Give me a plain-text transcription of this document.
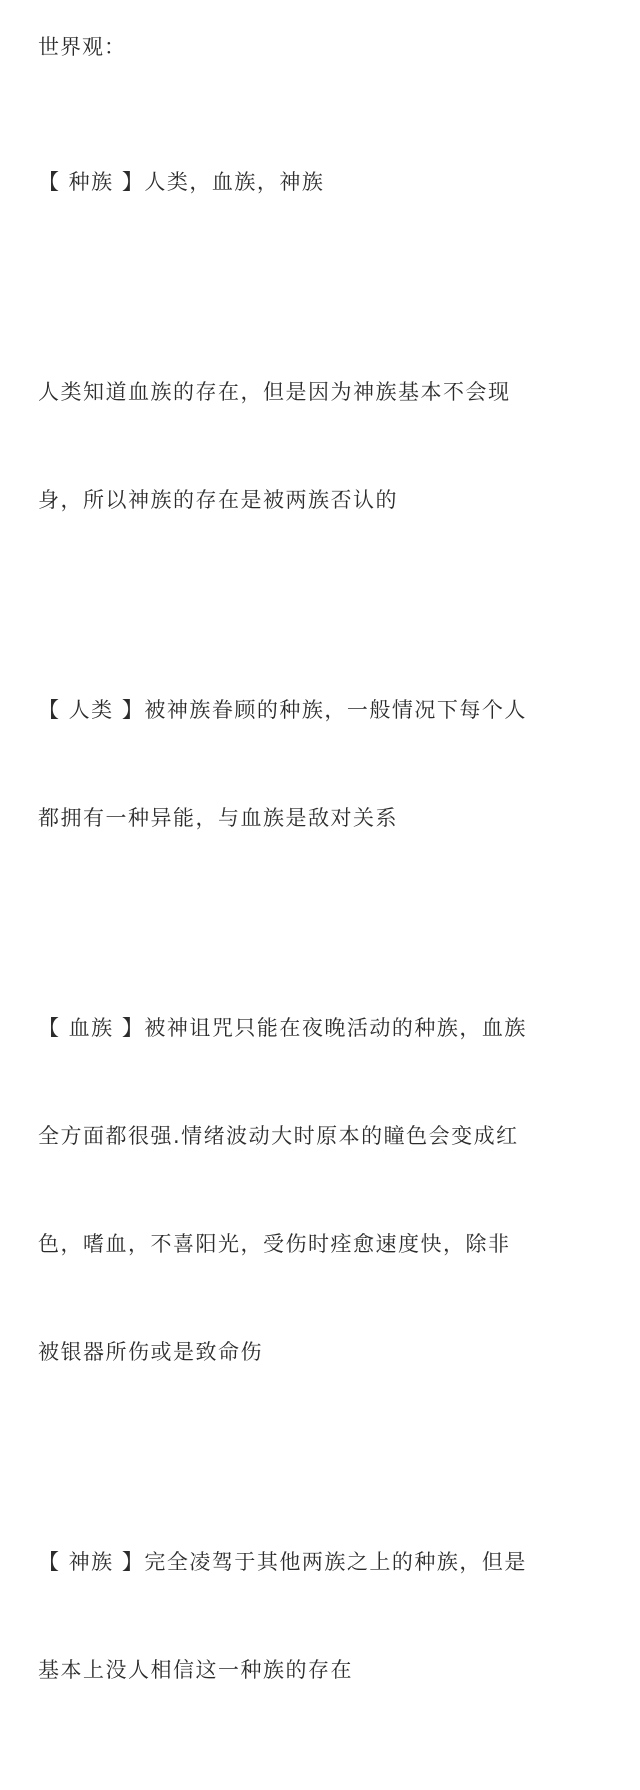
世界观：

【 种族 】人类，血族，神族

人类知道血族的存在，但是因为神族基本不会现

身，所以神族的存在是被两族否认的

【 人类 】被神族眷顾的种族，一般情况下每个人

都拥有一种异能，与血族是敌对关系

【 血族 】被神诅咒只能在夜晚活动的种族，血族

全方面都很强.情绪波动大时原本的瞳色会变成红

色，嗜血，不喜阳光，受伤时痊愈速度快，除非

被银器所伤或是致命伤

【 神族 】完全凌驾于其他两族之上的种族，但是

基本上没人相信这一种族的存在
